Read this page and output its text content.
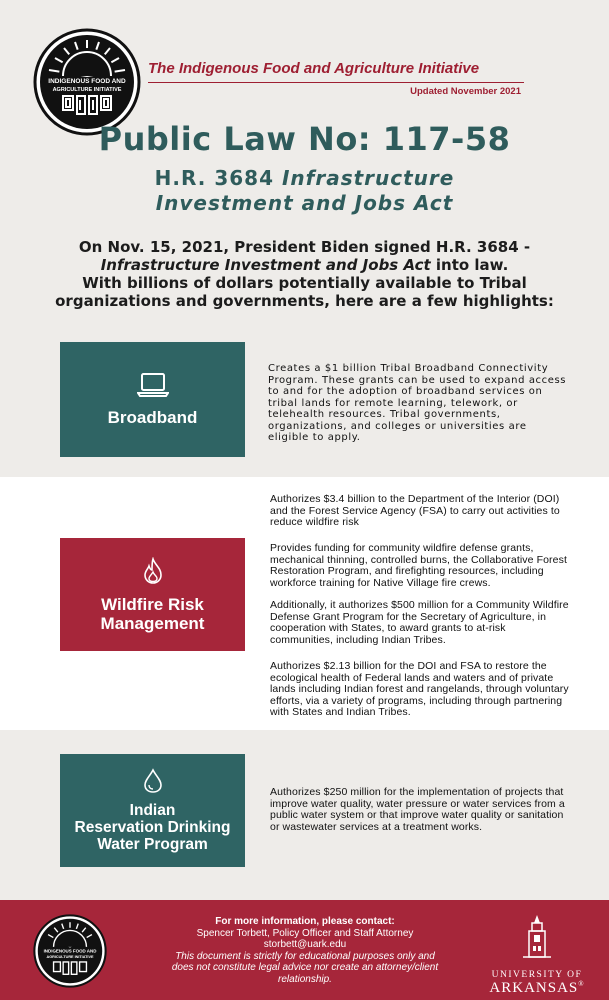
INDIGENOUS FOOD AND
AGRICULTURE INITIATIVE
The Indigenous Food and Agriculture Initiative
Updated November 2021
Public Law No: 117-58
H.R. 3684 Infrastructure
Investment and Jobs Act
On Nov. 15, 2021, President Biden signed H.R. 3684 -
Infrastructure Investment and Jobs Act into law.
With billions of dollars potentially available to Tribal
organizations and governments, here are a few highlights:
Broadband
Creates a $1 billion Tribal Broadband Connectivity Program. These grants can be used to expand access to and for the adoption of broadband services on tribal lands for remote learning, telework, or telehealth resources. Tribal governments, organizations, and colleges or universities are eligible to apply.
Wildfire Risk
Management
Authorizes $3.4 billion to the Department of the Interior (DOI) and the Forest Service Agency (FSA) to carry out activities to reduce wildfire risk
Provides funding for community wildfire defense grants, mechanical thinning, controlled burns, the Collaborative Forest Restoration Program, and firefighting resources, including workforce training for Native Village fire crews.
Additionally, it authorizes $500 million for a Community Wildfire Defense Grant Program for the Secretary of Agriculture, in cooperation with States, to award grants to at-risk communities, including Indian Tribes.
Authorizes $2.13 billion for the DOI and FSA to restore the ecological health of Federal lands and waters and of private lands including Indian forest and rangelands, through voluntary efforts, via a variety of programs, including through partnering with States and Indian Tribes.
Indian
Reservation Drinking
Water Program
Authorizes $250 million for the implementation of projects that improve water quality, water pressure or water services from a public water system or that improve water quality or sanitation or wastewater services at a treatment works.
INDIGENOUS FOOD AND
AGRICULTURE INITIATIVE
For more information, please contact:
Spencer Torbett, Policy Officer and Staff Attorney
storbett@uark.edu
This document is strictly for educational purposes only and does not constitute legal advice nor create an attorney/client relationship.	UNIVERSITY OF
ARKANSAS®
